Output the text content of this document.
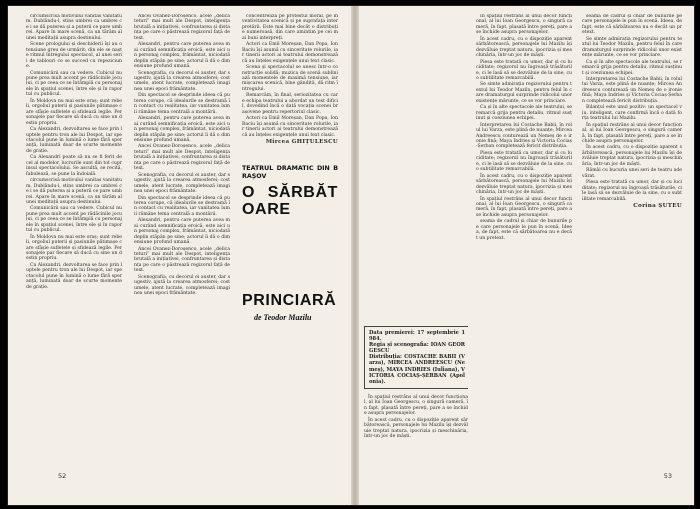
circumscrisă motivului vanitas vanitatum. Dublându-l, stins umbrei ca umbrei ce i se dă puterea și a puterii ce pare umbrei. Apare în mare scenă, ca un tărâm al unei meditații asupra destinului.

Scene prologului și deschiderii își au o tensiune greu de urmărit; din ele se naște ritmul întregului spectacol, al unei serii de tablouri ce se succed cu repeziciune.

Comunicării sau ca vedere. Cubicul nu pune prea mult accent pe rădăcinile jocului, ci pe ceea ce se întâmplă cu personajele în spațiul scenei, între ele și în raportul cu publicul.

În Moldova nu mai este oraș; sunt rebeli, orgoliul puterii și pasiunile pătimașe care sfâșie sufletele și sfidează legile. Personajele par fiecare să ducă cu sine un destin propriu.

Ca Alexandri, dezvoltarea se face prin luptele pentru tron ale lui Despot, iar spectacolul pune în lumină o lume fără speranță, luminată doar de scurte momente de grație.

Ca Alexandri poate să nu se fi ferit de cel al modelor, lucrurile sunt din tot cuprinsul spectacolului. Se ascultă, se recită, fabulează, se pune la îndoială.

circumscrisă motivului vanitas vanitatum. Dublându-l, stins umbrei ca umbrei ce i se dă puterea și a puterii ce pare umbrei. Apare în mare scenă, ca un tărâm al unei meditații asupra destinului.

Comunicării sau ca vedere. Cubicul nu pune prea mult accent pe rădăcinile jocului, ci pe ceea ce se întâmplă cu personajele în spațiul scenei, între ele și în raportul cu publicul.

În Moldova nu mai este oraș; sunt rebeli, orgoliul puterii și pasiunile pătimașe care sfâșie sufletele și sfidează legile. Personajele par fiecare să ducă cu sine un destin propriu.

Ca Alexandri, dezvoltarea se face prin luptele pentru tron ale lui Despot, iar spectacolul pune în lumină o lume fără speranță, luminată doar de scurte momente de grație.

Ancei Ovanez-Doroșenco, acele „delicateturi” mai mult ale Despot, inteligența brutală a inițiativei, confruntarea și distanța pe care o păstrează regizorul față de text.

Alexandri, pentru care puterea avea mai curând semnificația eroică, este aici un personaj complex, frământat, niciodată deplin stăpân pe sine; actorul îi dă o dimensiune profund umană.

Scenografia, cu decorul ei auster, dar sugestiv, ajută la crearea atmosferei; costumele, atent lucrate, completează imaginea unei epoci frământate.

Din spectacol se desprinde ideea că puterea corupe, că idealurile se destramă în contact cu realitatea, iar vanitatea lumii rămâne tema centrală a montării.

Alexandri, pentru care puterea avea mai curând semnificația eroică, este aici un personaj complex, frământat, niciodată deplin stăpân pe sine; actorul îi dă o dimensiune profund umană.

Ancei Ovanez-Doroșenco, acele „delicateturi” mai mult ale Despot, inteligența brutală a inițiativei, confruntarea și distanța pe care o păstrează regizorul față de text.

Scenografia, cu decorul ei auster, dar sugestiv, ajută la crearea atmosferei; costumele, atent lucrate, completează imaginea unei epoci frământate.

Din spectacol se desprinde ideea că puterea corupe, că idealurile se destramă în contact cu realitatea, iar vanitatea lumii rămâne tema centrală a montării.

Alexandri, pentru care puterea avea mai curând semnificația eroică, este aici un personaj complex, frământat, niciodată deplin stăpân pe sine; actorul îi dă o dimensiune profund umană.

Ancei Ovanez-Doroșenco, acele „delicateturi” mai mult ale Despot, inteligența brutală a inițiativei, confruntarea și distanța pe care o păstrează regizorul față de text.

Scenografia, cu decorul ei auster, dar sugestiv, ajută la crearea atmosferei; costumele, atent lucrate, completează imaginea unei epoci frământate.

concentrează pe protestul moral, pe inventivitatea scenică și pe suprafața interpretării. Este mai bine decât o distribuție numeroasă, din care amintim pe cei mai buni interpreți.

Actori ca Emil Moreșan, Dan Popa, Ion Baciu își asumă cu sinceritate rolurile, iar tinerii actori ai teatrului demonstrează că au înțeles exigențele unui text clasic.

Scena și spectacolul se unesc într-o construcție solidă; muzica de scenă subliniază momentele de maximă tensiune, iar mișcarea scenică, bine gândită, dă ritm întregului.

Remarcăm, în final, seriozitatea cu care echipa teatrului a abordat un text dificil, dovedind încă o dată vocația scenei brașovene pentru repertoriul clasic.

Actori ca Emil Moreșan, Dan Popa, Ion Baciu își asumă cu sinceritate rolurile, iar tinerii actori ai teatrului demonstrează că au înțeles exigențele unui text clasic.

Mircea GHIȚULESCU
TEATRUL DRAMATIC DIN BRAȘOV
O SĂRBĂTOARE
52
PRINCIARĂ
de Teodor Mazilu

Data premierei: 17 septembrie 1984.
Regia și scenografia: IOAN GEORGESCU
Distribuția: COSTACHE BABII (Varza), MIRCEA ANDREESCU (Nemeș), MAYA INDRIES (Iuliana), VICTORIA COCIAȘ-ȘERBAN (Apolonia).

În spațiul restrâns al unui decor funcțional, al lui Ioan Georgescu, o singură cameră, în fapt, plasată între pereți, pare a se închide asupra personajelor.

În acest cadru, cu o dispoziție aparent sărbătorească, personajele lui Mazilu își dezvăluie treptat natura, ipocrizia și meschinăria, într-un joc de măști.

În spațiul restrâns al unui decor funcțional, al lui Ioan Georgescu, o singură cameră, în fapt, plasată între pereți, pare a se închide asupra personajelor.

În acest cadru, cu o dispoziție aparent sărbătorească, personajele lui Mazilu își dezvăluie treptat natura, ipocrizia și meschinăria, într-un joc de măști.

Piesa este tratată cu umor, dar și cu luciditate; regizorul nu îngroașă trăsăturile, ci le lasă să se dezvăluie de la sine, cu o subtilitate remarcabilă.

Se simte admirația regizorului pentru textul lui Teodor Mazilu, pentru felul în care dramaturgul surprinde ridicolul unor existențe mărunte, ce se vor princiare.

Ca și în alte spectacole ale teatrului, se remarcă grija pentru detaliu, ritmul susținut și coeziunea echipei.

Interpretarea lui Costache Babii, în rolul lui Varza, este plină de nuanțe; Mircea Andreescu conturează un Nemeș de o ironie fină; Maya Indries și Victoria Cociaș-Șerban completează fericit distribuția.

Piesa este tratată cu umor, dar și cu luciditate; regizorul nu îngroașă trăsăturile, ci le lasă să se dezvăluie de la sine, cu o subtilitate remarcabilă.

În acest cadru, cu o dispoziție aparent sărbătorească, personajele lui Mazilu își dezvăluie treptat natura, ipocrizia și meschinăria, într-un joc de măști.

În spațiul restrâns al unui decor funcțional, al lui Ioan Georgescu, o singură cameră, în fapt, plasată între pereți, pare a se închide asupra personajelor.

seama de cadrul și chiar de bunurile pe care personajele le pun în scenă. Ideea, de fapt, este că sărbătoarea nu e decât un pretext.

seama de cadrul și chiar de bunurile pe care personajele le pun în scenă. Ideea, de fapt, este că sărbătoarea nu e decât un pretext.

Se simte admirația regizorului pentru textul lui Teodor Mazilu, pentru felul în care dramaturgul surprinde ridicolul unor existențe mărunte, ce se vor princiare.

Ca și în alte spectacole ale teatrului, se remarcă grija pentru detaliu, ritmul susținut și coeziunea echipei.

Interpretarea lui Costache Babii, în rolul lui Varza, este plină de nuanțe; Mircea Andreescu conturează un Nemeș de o ironie fină; Maya Indries și Victoria Cociaș-Șerban completează fericit distribuția.

Bilanțul este unul pozitiv: un spectacol viu, inteligent, care confirmă încă o dată forța teatrului lui Mazilu.

În spațiul restrâns al unui decor funcțional, al lui Ioan Georgescu, o singură cameră, în fapt, plasată între pereți, pare a se închide asupra personajelor.

În acest cadru, cu o dispoziție aparent sărbătorească, personajele lui Mazilu își dezvăluie treptat natura, ipocrizia și meschinăria, într-un joc de măști.

Rămâi cu bucuria unei seri de teatru adevărat.

Piesa este tratată cu umor, dar și cu luciditate; regizorul nu îngroașă trăsăturile, ci le lasă să se dezvăluie de la sine, cu o subtilitate remarcabilă.

Corina ȘUTEU
53
